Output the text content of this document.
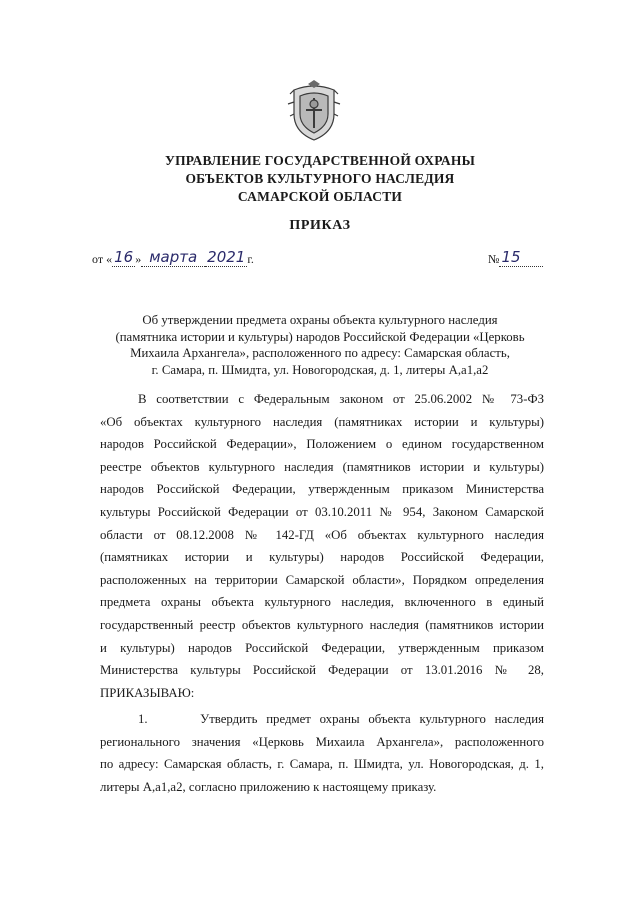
УПРАВЛЕНИЕ ГОСУДАРСТВЕННОЙ ОХРАНЫ
ОБЪЕКТОВ КУЛЬТУРНОГО НАСЛЕДИЯ
САМАРСКОЙ ОБЛАСТИ
ПРИКАЗ
от « 16 » марта 2021 г.	№ 15
Об утверждении предмета охраны объекта культурного наследия
(памятника истории и культуры) народов Российской Федерации «Церковь
Михаила Архангела», расположенного по адресу: Самарская область,
г. Самара, п. Шмидта, ул. Новогородская, д. 1, литеры А,а1,а2
В соответствии с Федеральным законом от 25.06.2002 № 73-ФЗ
«Об объектах культурного наследия (памятниках истории и культуры)
народов Российской Федерации», Положением о едином государственном
реестре объектов культурного наследия (памятников истории и культуры)
народов Российской Федерации, утвержденным приказом Министерства
культуры Российской Федерации от 03.10.2011 № 954, Законом Самарской
области от 08.12.2008 № 142-ГД «Об объектах культурного наследия
(памятниках истории и культуры) народов Российской Федерации,
расположенных на территории Самарской области», Порядком определения
предмета охраны объекта культурного наследия, включенного в единый
государственный реестр объектов культурного наследия (памятников истории
и культуры) народов Российской Федерации, утвержденным приказом
Министерства культуры Российской Федерации от 13.01.2016 № 28,
ПРИКАЗЫВАЮ:
1.      Утвердить предмет охраны объекта культурного наследия
регионального значения «Церковь Михаила Архангела», расположенного
по адресу: Самарская область, г. Самара, п. Шмидта, ул. Новогородская, д. 1,
литеры А,а1,а2, согласно приложению к настоящему приказу.
